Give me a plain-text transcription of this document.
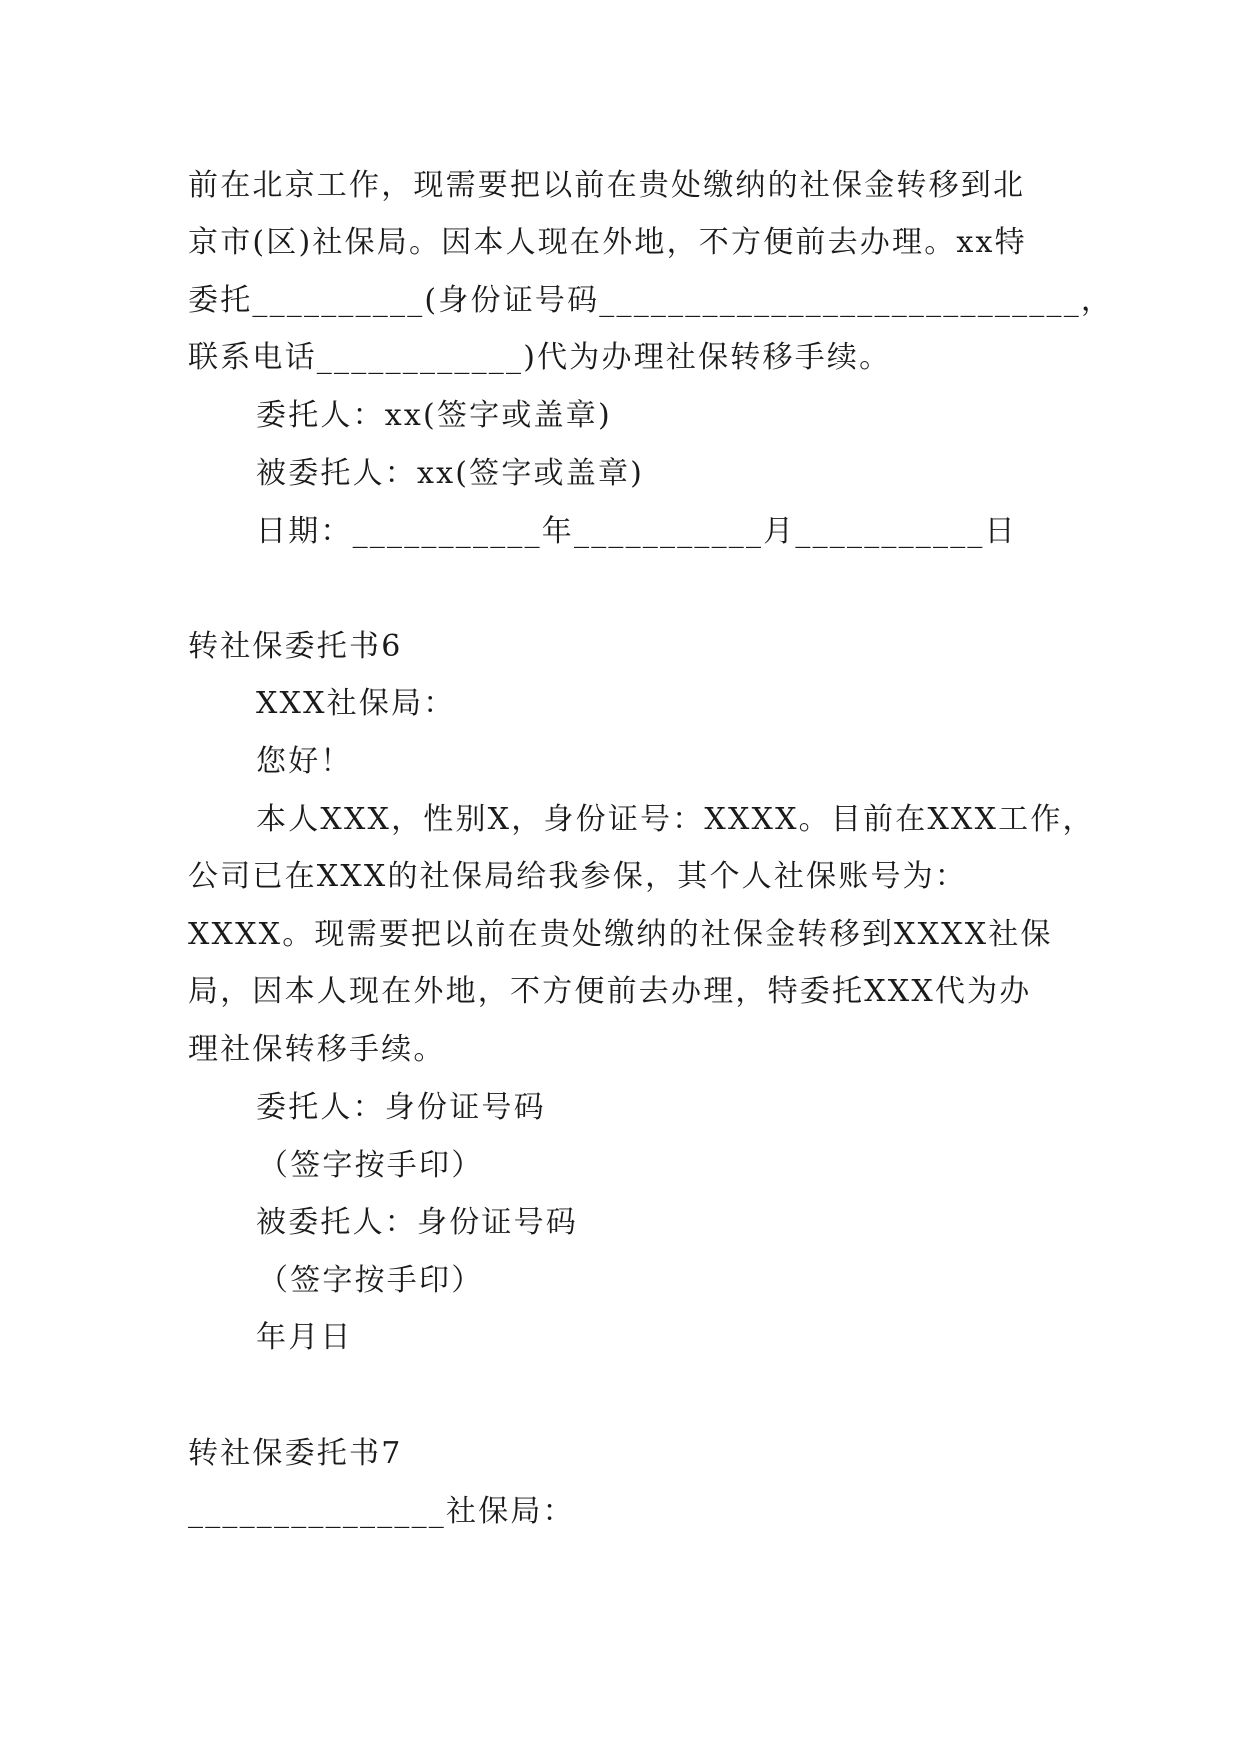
前在北京工作，现需要把以前在贵处缴纳的社保金转移到北
京市(区)社保局。因本人现在外地，不方便前去办理。xx特
委托__________(身份证号码____________________________，
联系电话____________)代为办理社保转移手续。
委托人：xx(签字或盖章)
被委托人：xx(签字或盖章)
日期：___________年___________月___________日
转社保委托书6
XXX社保局：
您好！
本人XXX，性别X，身份证号：XXXX。目前在XXX工作，
公司已在XXX的社保局给我参保，其个人社保账号为：
XXXX。现需要把以前在贵处缴纳的社保金转移到XXXX社保
局，因本人现在外地，不方便前去办理，特委托XXX代为办
理社保转移手续。
委托人：身份证号码
（签字按手印）
被委托人：身份证号码
（签字按手印）
年月日
转社保委托书7
_______________社保局：
